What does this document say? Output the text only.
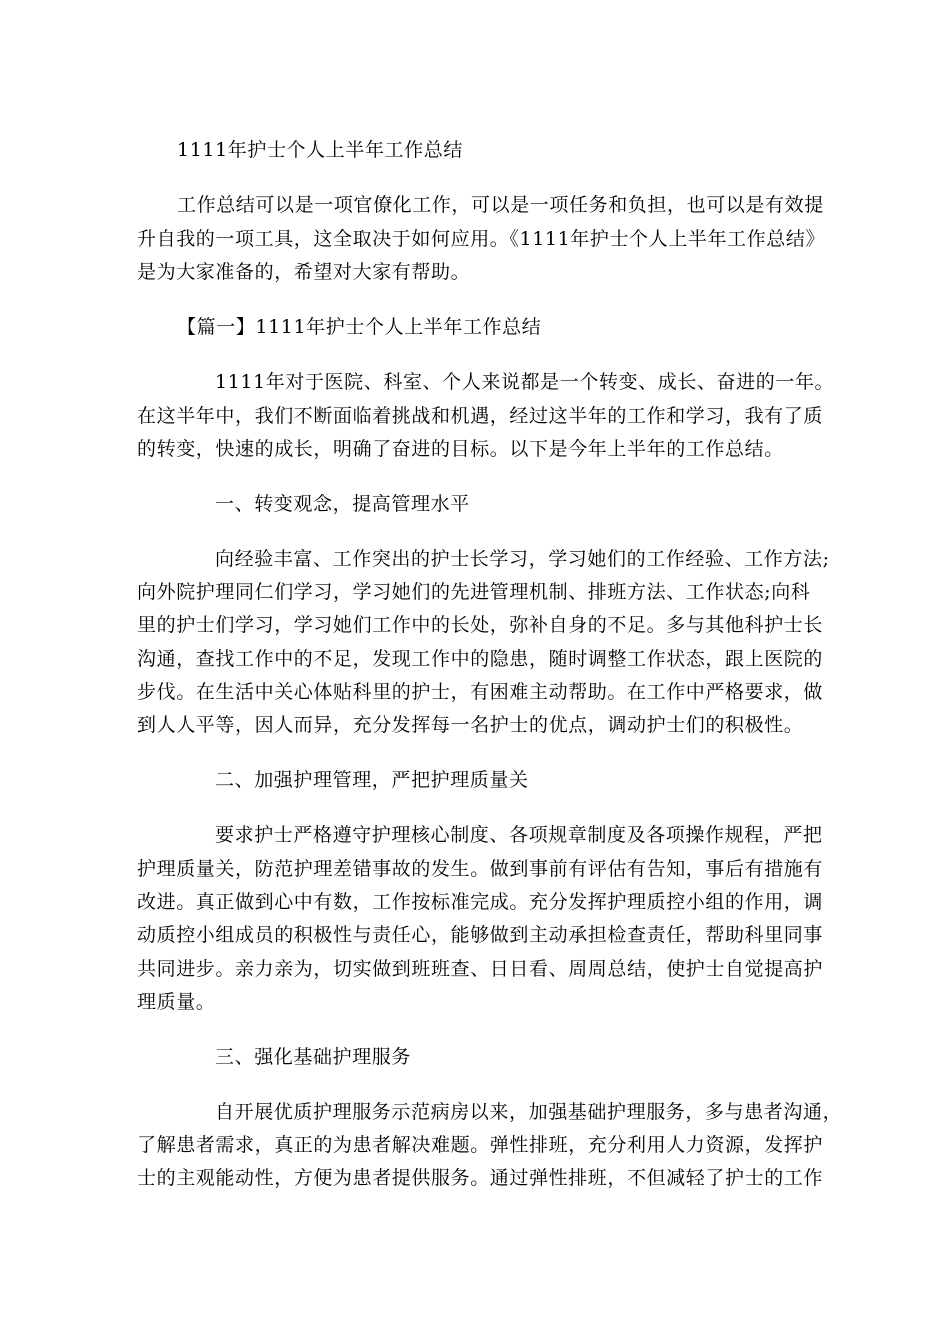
1111年护士个人上半年工作总结
工作总结可以是一项官僚化工作，可以是一项任务和负担，也可以是有效提
升自我的一项工具，这全取决于如何应用。《1111年护士个人上半年工作总结》
是为大家准备的，希望对大家有帮助。
【篇一】1111年护士个人上半年工作总结
1111年对于医院、科室、个人来说都是一个转变、成长、奋进的一年。
在这半年中，我们不断面临着挑战和机遇，经过这半年的工作和学习，我有了质
的转变，快速的成长，明确了奋进的目标。以下是今年上半年的工作总结。
一、转变观念，提高管理水平
向经验丰富、工作突出的护士长学习，学习她们的工作经验、工作方法;
向外院护理同仁们学习，学习她们的先进管理机制、排班方法、工作状态;向科
里的护士们学习，学习她们工作中的长处，弥补自身的不足。多与其他科护士长
沟通，查找工作中的不足，发现工作中的隐患，随时调整工作状态，跟上医院的
步伐。在生活中关心体贴科里的护士，有困难主动帮助。在工作中严格要求，做
到人人平等，因人而异，充分发挥每一名护士的优点，调动护士们的积极性。
二、加强护理管理，严把护理质量关
要求护士严格遵守护理核心制度、各项规章制度及各项操作规程，严把
护理质量关，防范护理差错事故的发生。做到事前有评估有告知，事后有措施有
改进。真正做到心中有数，工作按标准完成。充分发挥护理质控小组的作用，调
动质控小组成员的积极性与责任心，能够做到主动承担检查责任，帮助科里同事
共同进步。亲力亲为，切实做到班班查、日日看、周周总结，使护士自觉提高护
理质量。
三、强化基础护理服务
自开展优质护理服务示范病房以来，加强基础护理服务，多与患者沟通，
了解患者需求，真正的为患者解决难题。弹性排班，充分利用人力资源，发挥护
士的主观能动性，方便为患者提供服务。通过弹性排班，不但减轻了护士的工作
